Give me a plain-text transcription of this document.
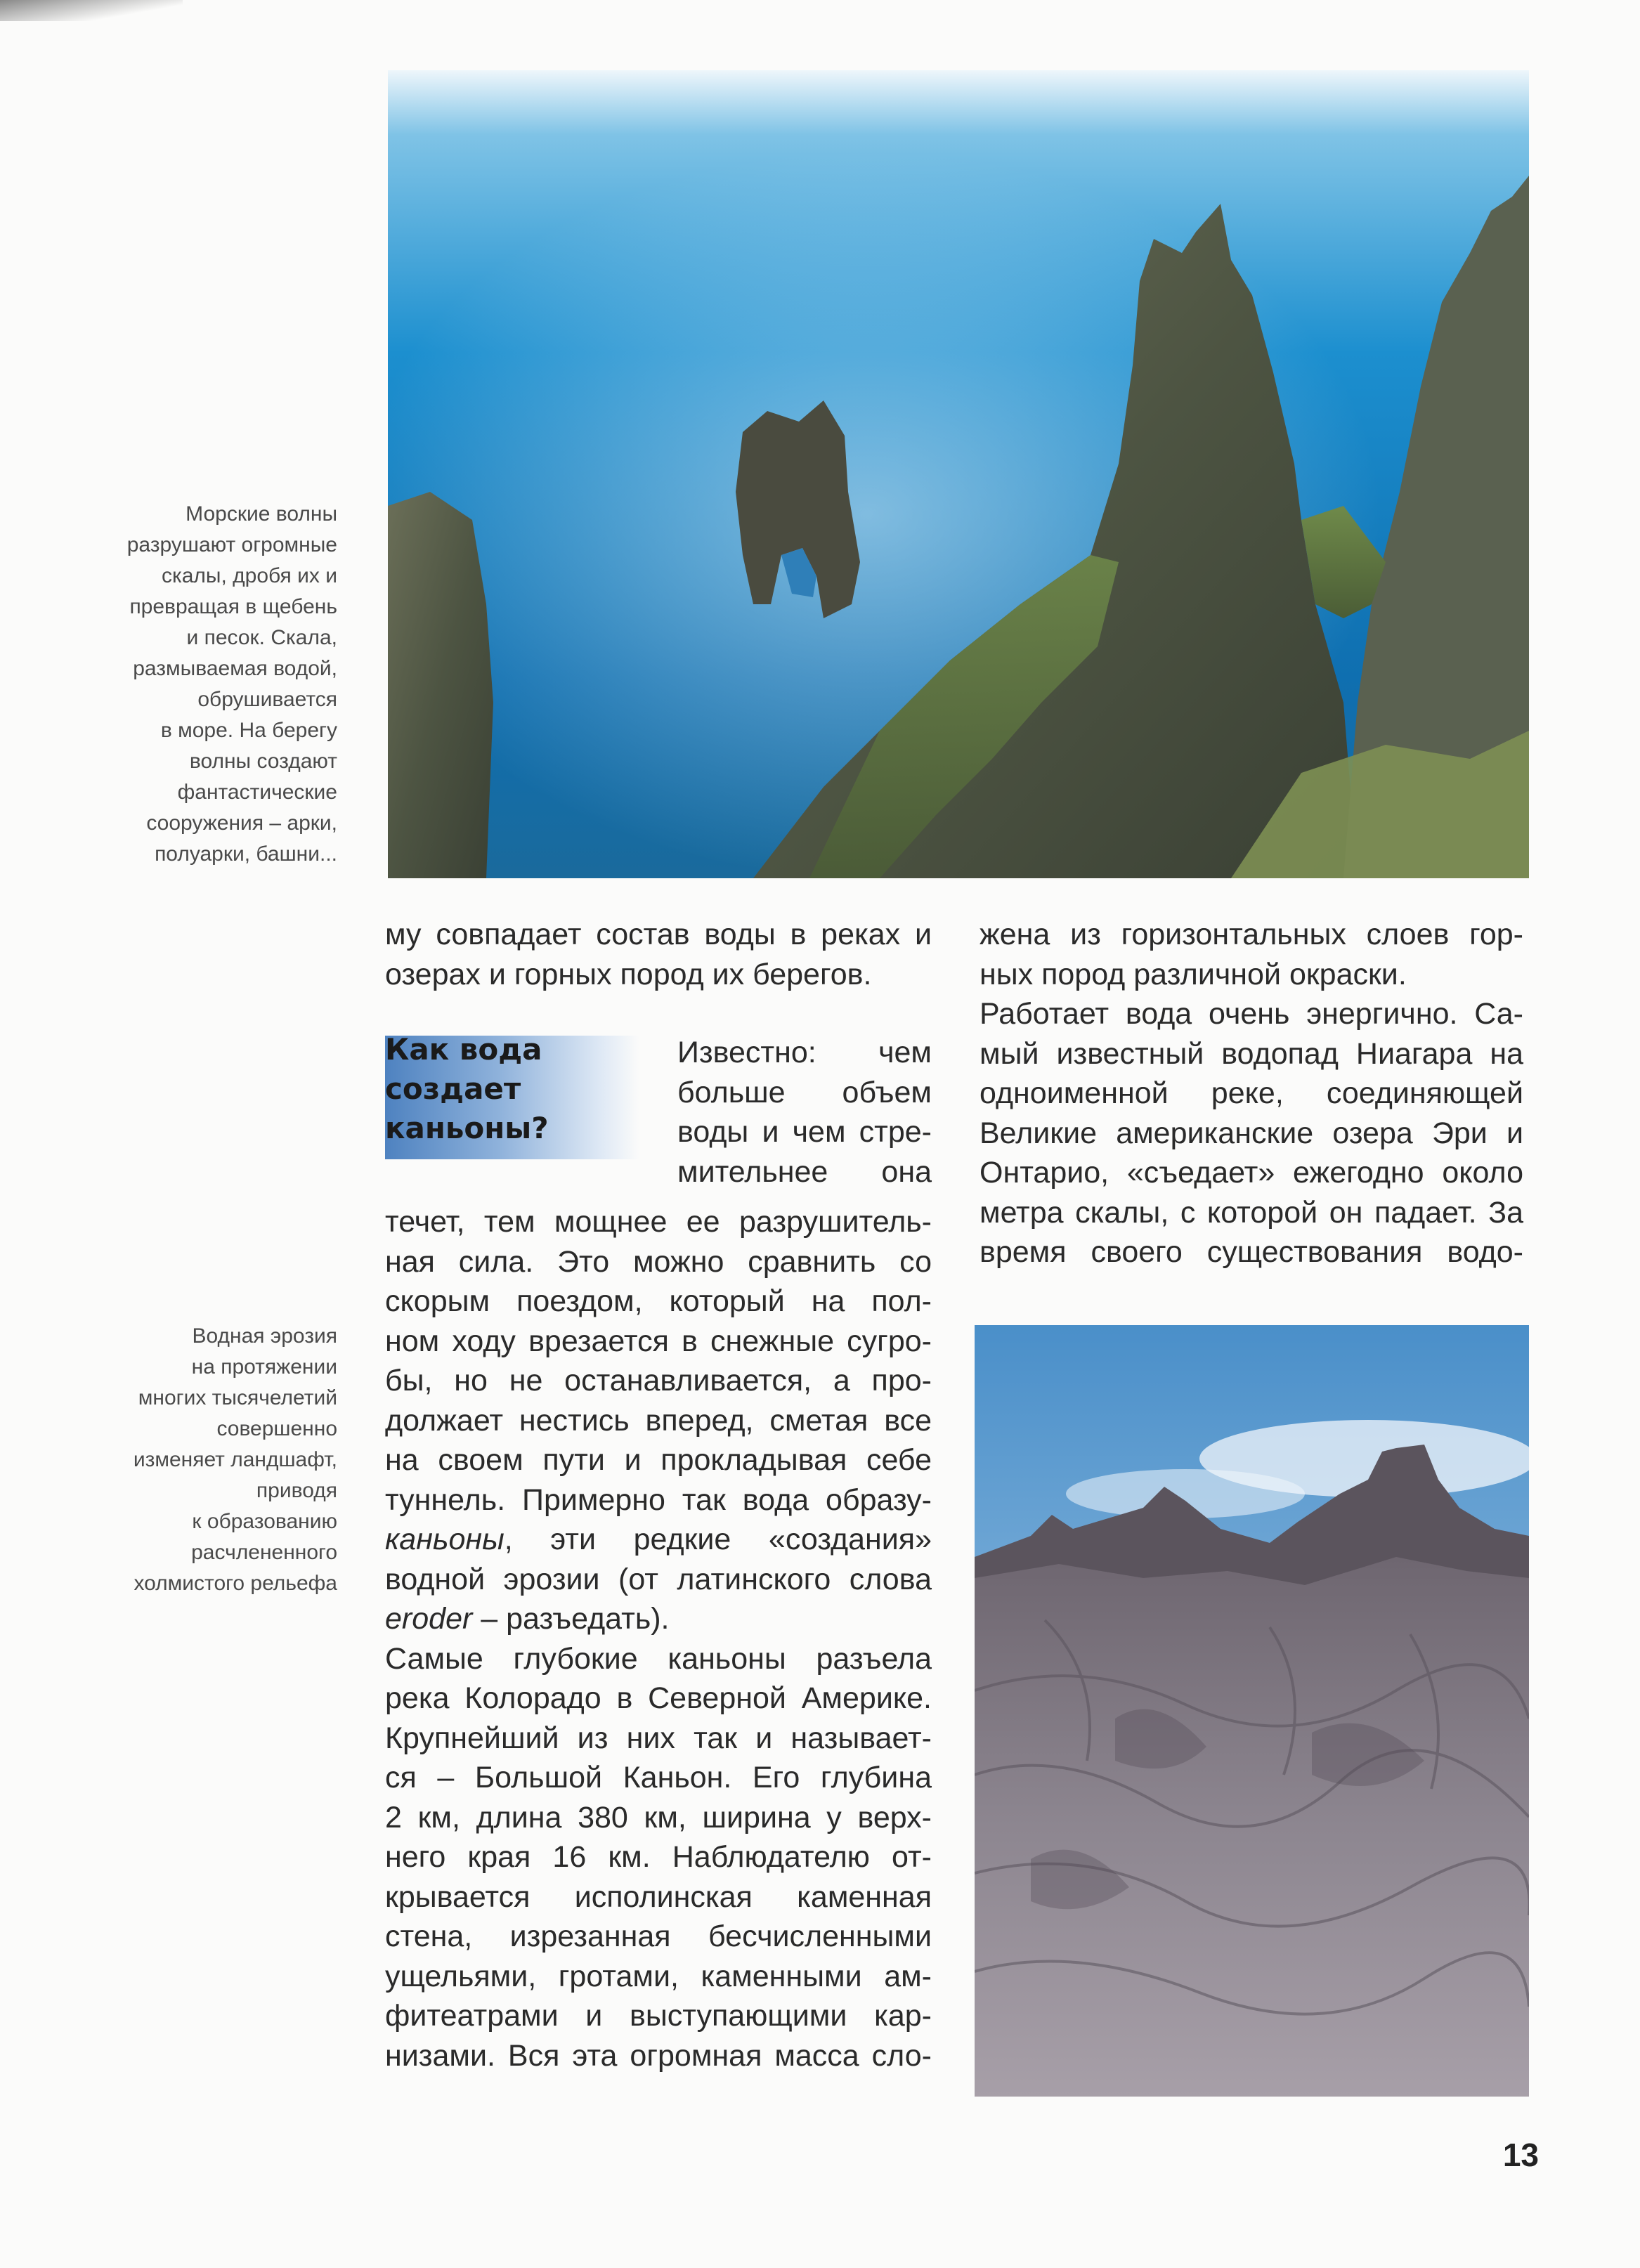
Морские волны
разрушают огромные
скалы, дробя их и
превращая в щебень
и песок. Скала,
размываемая водой,
обрушивается
в море. На берегу
волны создают
фантастические
сооружения – арки,
полуарки, башни...
му совпадает состав воды в реках и
озерах и горных пород их берегов.
Как вода
создает
каньоны?
Известно: чем
больше объем
воды и чем стре-
мительнее она
течет, тем мощнее ее разрушитель-
ная сила. Это можно сравнить со
скорым поездом, который на пол-
ном ходу врезается в снежные сугро-
бы, но не останавливается, а про-
должает нестись вперед, сметая все
на своем пути и прокладывая себе
туннель. Примерно так вода образу-
каньоны, эти редкие «создания»
водной эрозии (от латинского слова
eroder – разъедать).
Самые глубокие каньоны разъела
река Колорадо в Северной Америке.
Крупнейший из них так и называет-
ся – Большой Каньон. Его глубина
2 км, длина 380 км, ширина у верх-
него края 16 км. Наблюдателю от-
крывается исполинская каменная
стена, изрезанная бесчисленными
ущельями, гротами, каменными ам-
фитеатрами и выступающими кар-
низами. Вся эта огромная масса сло-
жена из горизонтальных слоев гор-
ных пород различной окраски.
Работает вода очень энергично. Са-
мый известный водопад Ниагара на
одноименной реке, соединяющей
Великие американские озера Эри и
Онтарио, «съедает» ежегодно около
метра скалы, с которой он падает. За
время своего существования водо-
Водная эрозия
на протяжении
многих тысячелетий
совершенно
изменяет ландшафт,
приводя
к образованию
расчлененного
холмистого рельефа
13
